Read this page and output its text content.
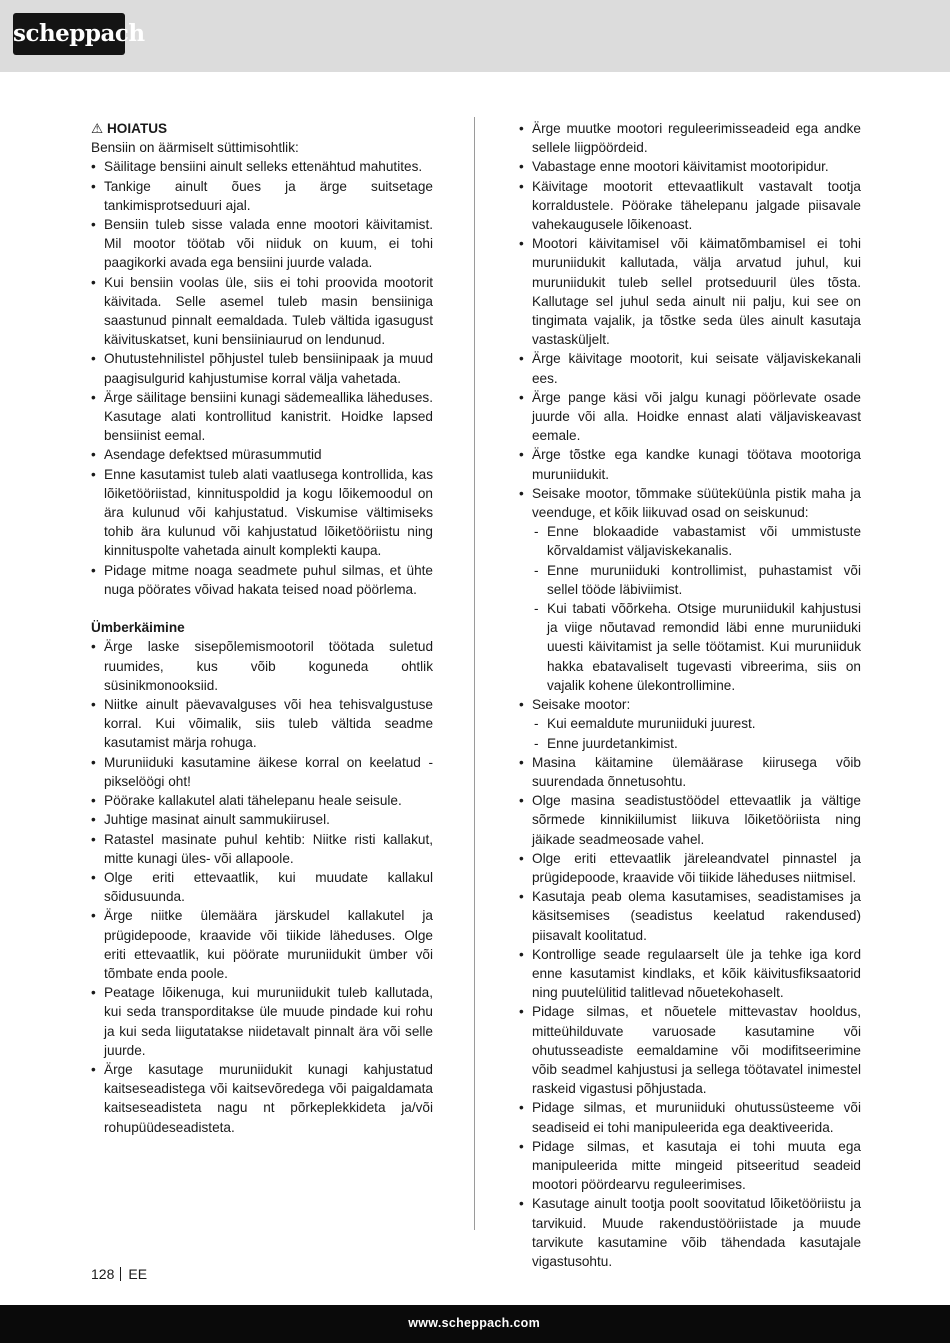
scheppach
⚠ HOIATUS
Bensiin on äärmiselt süttimisohtlik:
• Säilitage bensiini ainult selleks ettenähtud mahutites.
• Tankige ainult õues ja ärge suitsetage tankimisprotseduuri ajal.
• Bensiin tuleb sisse valada enne mootori käivitamist. Mil mootor töötab või niiduk on kuum, ei tohi paagikorki avada ega bensiini juurde valada.
• Kui bensiin voolas üle, siis ei tohi proovida mootorit käivitada. Selle asemel tuleb masin bensiiniga saastunud pinnalt eemaldada. Tuleb vältida igasugust käivituskatset, kuni bensiiniaurud on lendunud.
• Ohutustehnilistel põhjustel tuleb bensiinipaak ja muud paagisulgurid kahjustumise korral välja vahetada.
• Ärge säilitage bensiini kunagi sädemeallika läheduses. Kasutage alati kontrollitud kanistrit. Hoidke lapsed bensiinist eemal.
• Asendage defektsed mürasummutid
• Enne kasutamist tuleb alati vaatlusega kontrollida, kas lõiketööriistad, kinnituspoldid ja kogu lõikemoodul on ära kulunud või kahjustatud. Viskumise vältimiseks tohib ära kulunud või kahjustatud lõiketööriistu ning kinnituspolte vahetada ainult komplekti kaupa.
• Pidage mitme noaga seadmete puhul silmas, et ühte nuga pöörates võivad hakata teised noad pöörlema.
Ümberkäimine
• Ärge laske sisepõlemismootoril töötada suletud ruumides, kus võib koguneda ohtlik süsinikmonooksiid.
• Niitke ainult päevavalguses või hea tehisvalgustuse korral. Kui võimalik, siis tuleb vältida seadme kasutamist märja rohuga.
• Muruniiduki kasutamine äikese korral on keelatud - pikselöögi oht!
• Pöörake kallakutel alati tähelepanu heale seisule.
• Juhtige masinat ainult sammukiirusel.
• Ratastel masinate puhul kehtib: Niitke risti kallakut, mitte kunagi üles- või allapoole.
• Olge eriti ettevaatlik, kui muudate kallakul sõidusuunda.
• Ärge niitke ülemäära järskudel kallakutel ja prügidepoode, kraavide või tiikide läheduses. Olge eriti ettevaatlik, kui pöörate muruniidukit ümber või tõmbate enda poole.
• Peatage lõikenuga, kui muruniidukit tuleb kallutada, kui seda transporditakse üle muude pindade kui rohu ja kui seda liigutatakse niidetavalt pinnalt ära või selle juurde.
• Ärge kasutage muruniidukit kunagi kahjustatud kaitseseadistega või kaitsevõredega või paigaldamata kaitseseadisteta nagu nt põrkeplekkideta ja/või rohupüüdeseadisteta.
• Ärge muutke mootori reguleerimisseadeid ega andke sellele liigpöördeid.
• Vabastage enne mootori käivitamist mootoripidur.
• Käivitage mootorit ettevaatlikult vastavalt tootja korraldustele. Pöörake tähelepanu jalgade piisavale vahekaugusele lõikenoast.
• Mootori käivitamisel või käimatõmbamisel ei tohi muruniidukit kallutada, välja arvatud juhul, kui muruniidukit tuleb sellel protseduuril üles tõsta. Kallutage sel juhul seda ainult nii palju, kui see on tingimata vajalik, ja tõstke seda üles ainult kasutaja vastasküljelt.
• Ärge käivitage mootorit, kui seisate väljaviskekanali ees.
• Ärge pange käsi või jalgu kunagi pöörlevate osade juurde või alla. Hoidke ennast alati väljaviskeavast eemale.
• Ärge tõstke ega kandke kunagi töötava mootoriga muruniidukit.
• Seisake mootor, tõmmake süüteküünla pistik maha ja veenduge, et kõik liikuvad osad on seiskunud:
- Enne blokaadide vabastamist või ummistuste kõrvaldamist väljaviskekanalis.
- Enne muruniiduki kontrollimist, puhastamist või sellel tööde läbiviimist.
- Kui tabati võõrkeha. Otsige muruniidukil kahjustusi ja viige nõutavad remondid läbi enne muruniiduki uuesti käivitamist ja selle töötamist. Kui muruniiduk hakka ebatavaliselt tugevasti vibreerima, siis on vajalik kohene ülekontrollimine.
• Seisake mootor:
- Kui eemaldute muruniiduki juurest.
- Enne juurdetankimist.
• Masina käitamine ülemäärase kiirusega võib suurendada õnnetusohtu.
• Olge masina seadistustöödel ettevaatlik ja vältige sõrmede kinnikiilumist liikuva lõiketööriista ning jäikade seadmeosade vahel.
• Olge eriti ettevaatlik järeleandvatel pinnastel ja prügidepoode, kraavide või tiikide läheduses niitmisel.
• Kasutaja peab olema kasutamises, seadistamises ja käsitsemises (seadistus keelatud rakendused) piisavalt koolitatud.
• Kontrollige seade regulaarselt üle ja tehke iga kord enne kasutamist kindlaks, et kõik käivitusfiksaatorid ning puutelülitid talitlevad nõuetekohaselt.
• Pidage silmas, et nõuetele mittevastav hooldus, mitteühilduvate varuosade kasutamine või ohutusseadiste eemaldamine või modifitseerimine võib seadmel kahjustusi ja sellega töötavatel inimestel raskeid vigastusi põhjustada.
• Pidage silmas, et muruniiduki ohutussüsteeme või seadiseid ei tohi manipuleerida ega deaktiveerida.
• Pidage silmas, et kasutaja ei tohi muuta ega manipuleerida mitte mingeid pitseeritud seadeid mootori pöördearvu reguleerimises.
• Kasutage ainult tootja poolt soovitatud lõiketööriistu ja tarvikuid. Muude rakendustööriistade ja muude tarvikute kasutamine võib tähendada kasutajale vigastusohtu.
128 EE
www.scheppach.com
